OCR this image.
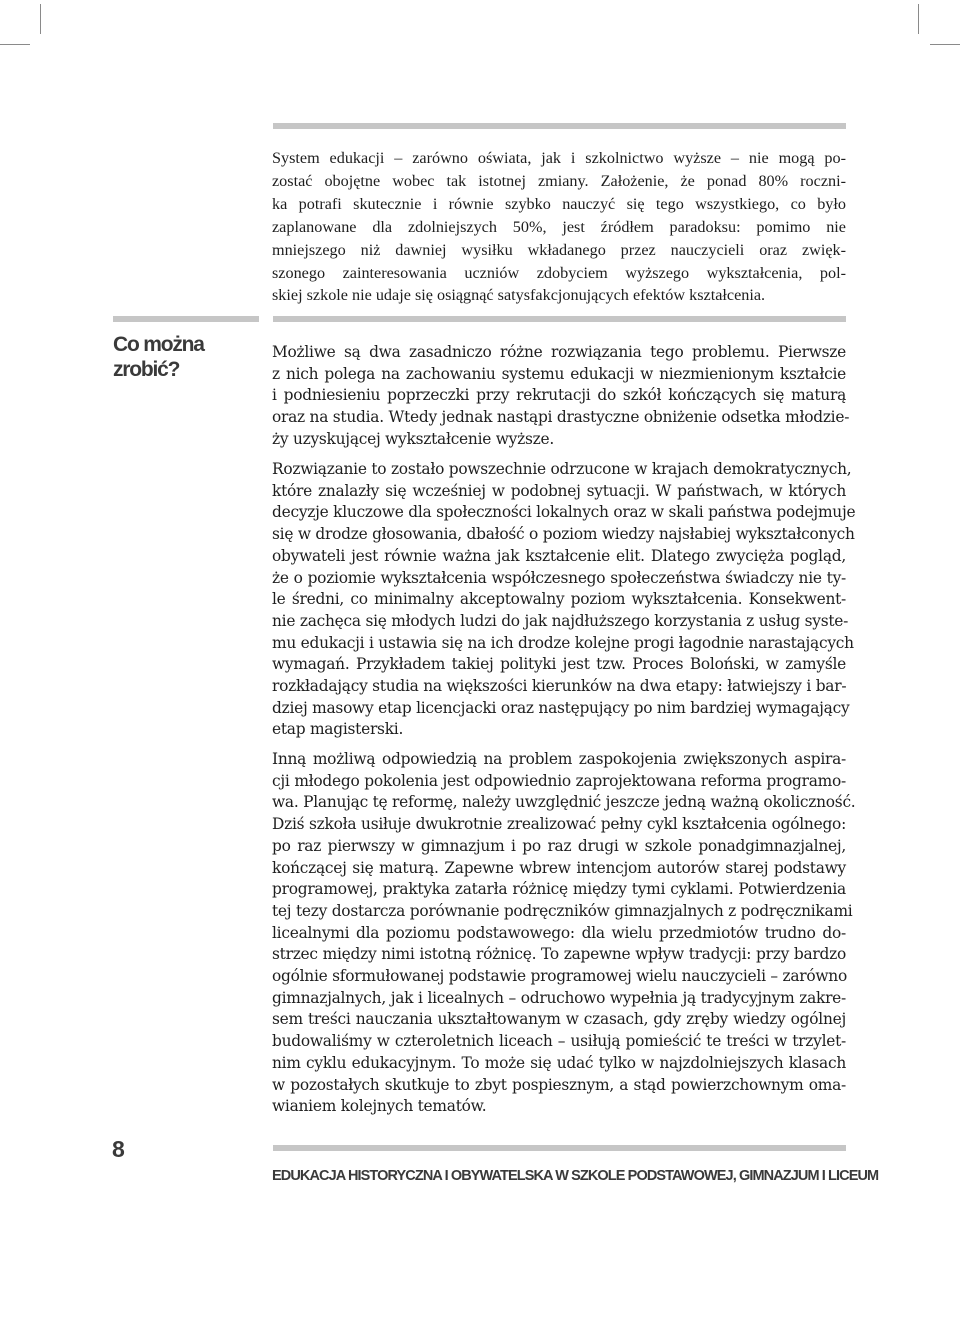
System edukacji – zarówno oświata, jak i szkolnictwo wyższe – nie mogą po-
zostać obojętne wobec tak istotnej zmiany. Założenie, że ponad 80% roczni-
ka potrafi skutecznie i równie szybko nauczyć się tego wszystkiego, co było
zaplanowane dla zdolniejszych 50%, jest źródłem paradoksu: pomimo nie
mniejszego niż dawniej wysiłku wkładanego przez nauczycieli oraz zwięk-
szonego zainteresowania uczniów zdobyciem wyższego wykształcenia, pol-
skiej szkole nie udaje się osiągnąć satysfakcjonujących efektów kształcenia.

Co można
zrobić?

Możliwe są dwa zasadniczo różne rozwiązania tego problemu. Pierwsze
z nich polega na zachowaniu systemu edukacji w niezmienionym kształcie
i podniesieniu poprzeczki przy rekrutacji do szkół kończących się maturą
oraz na studia. Wtedy jednak nastąpi drastyczne obniżenie odsetka młodzie-
ży uzyskującej wykształcenie wyższe.

Rozwiązanie to zostało powszechnie odrzucone w krajach demokratycznych,
które znalazły się wcześniej w podobnej sytuacji. W państwach, w których
decyzje kluczowe dla społeczności lokalnych oraz w skali państwa podejmuje
się w drodze głosowania, dbałość o poziom wiedzy najsłabiej wykształconych
obywateli jest równie ważna jak kształcenie elit. Dlatego zwycięża pogląd,
że o poziomie wykształcenia współczesnego społeczeństwa świadczy nie ty-
le średni, co minimalny akceptowalny poziom wykształcenia. Konsekwent-
nie zachęca się młodych ludzi do jak najdłuższego korzystania z usług syste-
mu edukacji i ustawia się na ich drodze kolejne progi łagodnie narastających
wymagań. Przykładem takiej polityki jest tzw. Proces Boloński, w zamyśle
rozkładający studia na większości kierunków na dwa etapy: łatwiejszy i bar-
dziej masowy etap licencjacki oraz następujący po nim bardziej wymagający
etap magisterski.

Inną możliwą odpowiedzią na problem zaspokojenia zwiększonych aspira-
cji młodego pokolenia jest odpowiednio zaprojektowana reforma programo-
wa. Planując tę reformę, należy uwzględnić jeszcze jedną ważną okoliczność.
Dziś szkoła usiłuje dwukrotnie zrealizować pełny cykl kształcenia ogólnego:
po raz pierwszy w gimnazjum i po raz drugi w szkole ponadgimnazjalnej,
kończącej się maturą. Zapewne wbrew intencjom autorów starej podstawy
programowej, praktyka zatarła różnicę między tymi cyklami. Potwierdzenia
tej tezy dostarcza porównanie podręczników gimnazjalnych z podręcznikami
licealnymi dla poziomu podstawowego: dla wielu przedmiotów trudno do-
strzec między nimi istotną różnicę. To zapewne wpływ tradycji: przy bardzo
ogólnie sformułowanej podstawie programowej wielu nauczycieli – zarówno
gimnazjalnych, jak i licealnych – odruchowo wypełnia ją tradycyjnym zakre-
sem treści nauczania ukształtowanym w czasach, gdy zręby wiedzy ogólnej
budowaliśmy w czteroletnich liceach – usiłują pomieścić te treści w trzylet-
nim cyklu edukacyjnym. To może się udać tylko w najzdolniejszych klasach
w pozostałych skutkuje to zbyt pospiesznym, a stąd powierzchownym oma-
wianiem kolejnych tematów.

8

EDUKACJA HISTORYCZNA I OBYWATELSKA W SZKOLE PODSTAWOWEJ, GIMNAZJUM I LICEUM
